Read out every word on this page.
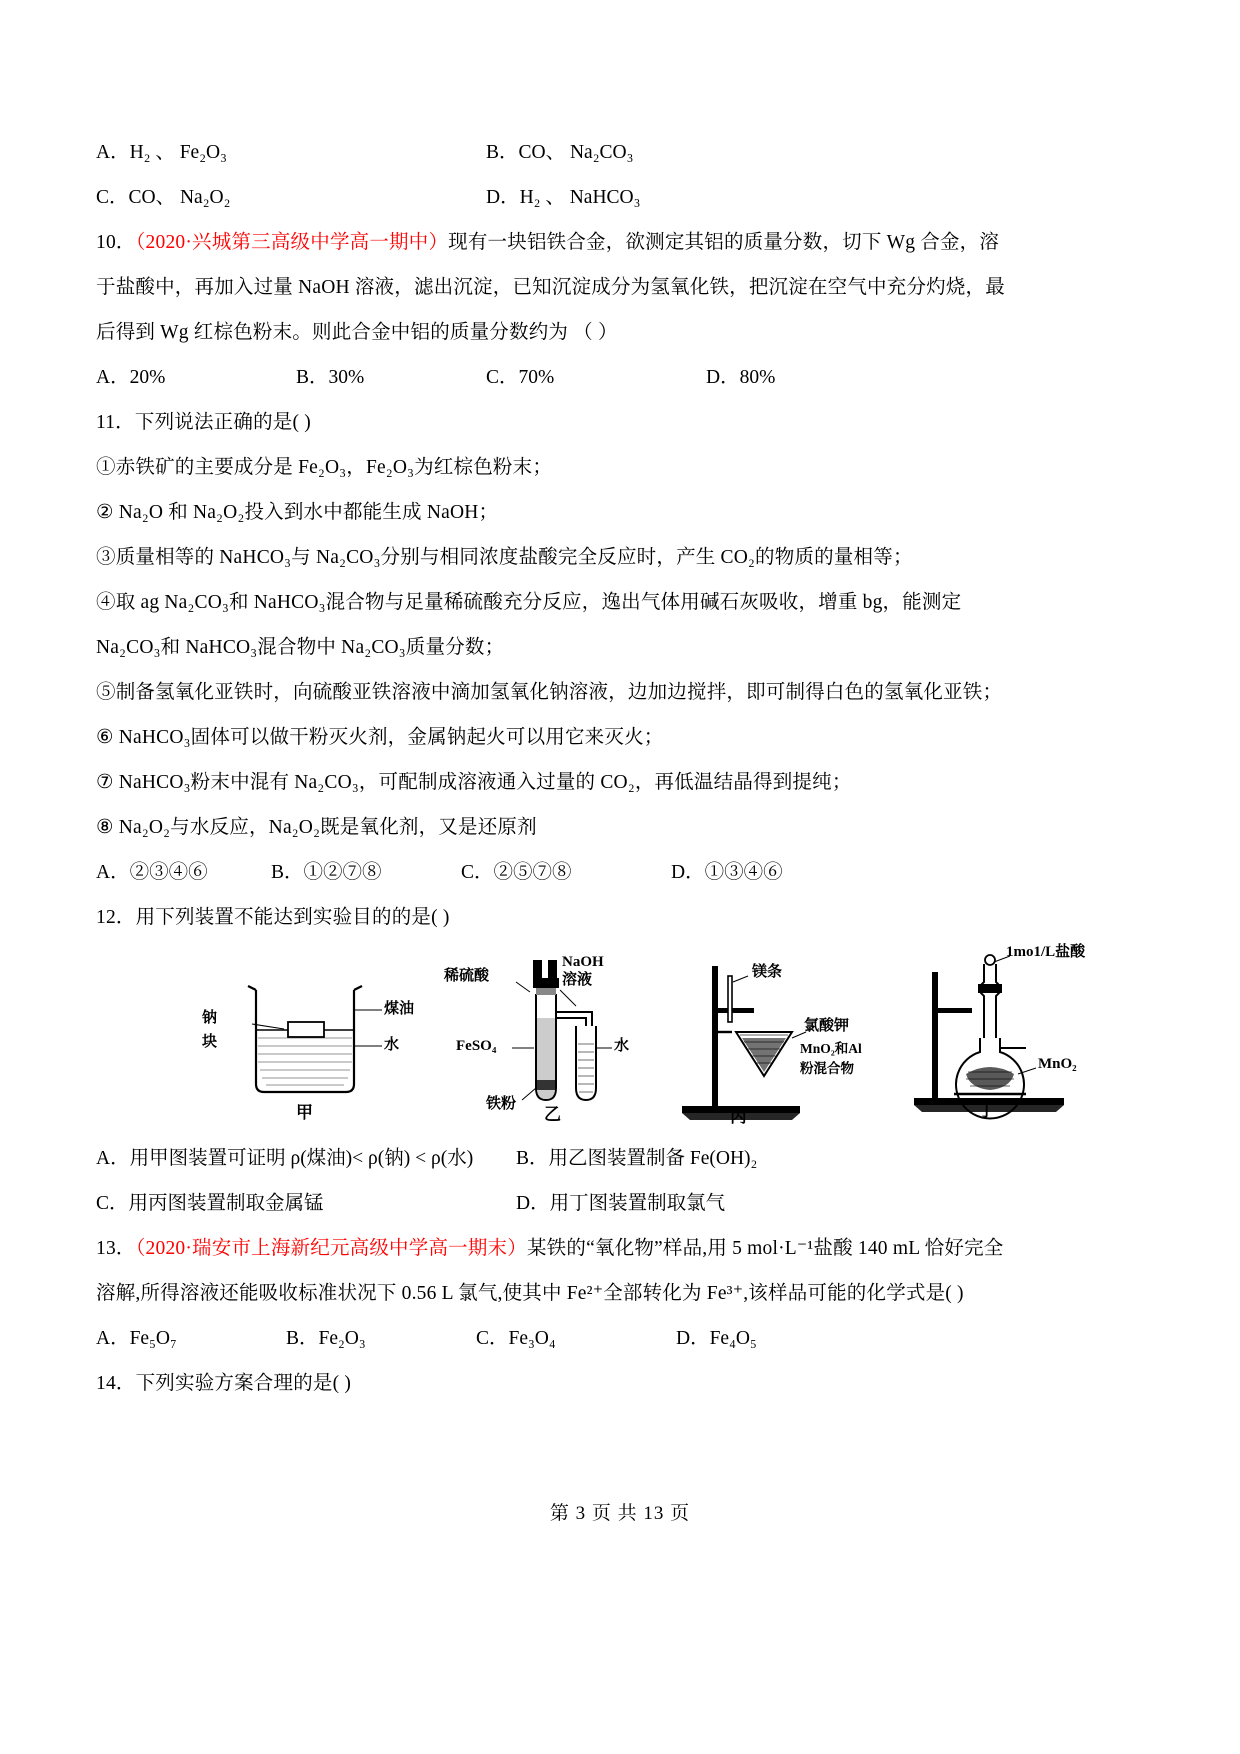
A．H₂ 、 Fe₂O₃	B．CO、 Na₂CO₃
C．CO、 Na₂O₂	D．H₂ 、 NaHCO₃
10．（2020·兴城第三高级中学高一期中）现有一块铝铁合金，欲测定其铝的质量分数，切下 Wg 合金，溶
于盐酸中，再加入过量 NaOH 溶液，滤出沉淀，已知沉淀成分为氢氧化铁，把沉淀在空气中充分灼烧，最
后得到 Wg 红棕色粉末。则此合金中铝的质量分数约为 （ ）
A．20%	B．30%	C．70%	D．80%
11．下列说法正确的是( )
①赤铁矿的主要成分是 Fe₂O₃，Fe₂O₃为红棕色粉末；
② Na₂O 和 Na₂O₂投入到水中都能生成 NaOH；
③质量相等的 NaHCO₃与 Na₂CO₃分别与相同浓度盐酸完全反应时，产生 CO₂的物质的量相等；
④取 ag Na₂CO₃和 NaHCO₃混合物与足量稀硫酸充分反应，逸出气体用碱石灰吸收，增重 bg，能测定
Na₂CO₃和 NaHCO₃混合物中 Na₂CO₃质量分数；
⑤制备氢氧化亚铁时，向硫酸亚铁溶液中滴加氢氧化钠溶液，边加边搅拌，即可制得白色的氢氧化亚铁；
⑥ NaHCO₃固体可以做干粉灭火剂，金属钠起火可以用它来灭火；
⑦ NaHCO₃粉末中混有 Na₂CO₃，可配制成溶液通入过量的 CO₂，再低温结晶得到提纯；
⑧ Na₂O₂与水反应，Na₂O₂既是氧化剂，又是还原剂
A．②③④⑥	B．①②⑦⑧	C．②⑤⑦⑧	D．①③④⑥
12．用下列装置不能达到实验目的的是( )
钠
块
煤油
水
甲
稀硫酸
NaOH
溶液
FeSO₄
铁粉
水
乙
镁条
氯酸钾
MnO₂和Al
粉混合物
丙
1mo1/L盐酸
MnO₂
丁
A．用甲图装置可证明 ρ(煤油)< ρ(钠) < ρ(水)	B．用乙图装置制备 Fe(OH)₂
C．用丙图装置制取金属锰	D．用丁图装置制取氯气
13．（2020·瑞安市上海新纪元高级中学高一期末）某铁的“氧化物”样品,用 5 mol·L⁻¹盐酸 140 mL 恰好完全
溶解,所得溶液还能吸收标准状况下 0.56 L 氯气,使其中 Fe²⁺全部转化为 Fe³⁺,该样品可能的化学式是( )
A．Fe₅O₇	B．Fe₂O₃	C．Fe₃O₄	D．Fe₄O₅
14．下列实验方案合理的是( )
第 3 页 共 13 页
